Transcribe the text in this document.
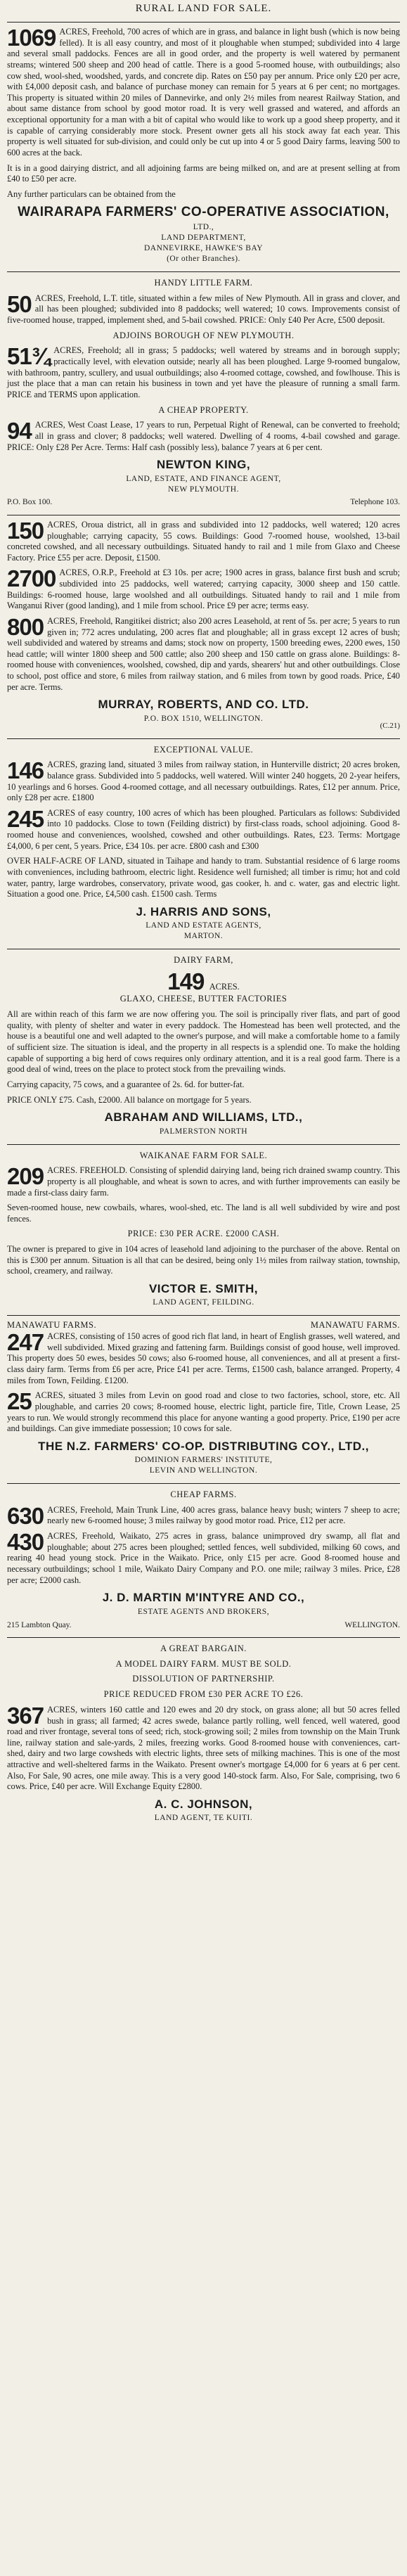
RURAL LAND FOR SALE.

1069 ACRES, Freehold, 700 acres of which are in grass, and balance in light bush (which is now being felled). It is all easy country, and most of it ploughable when stumped; subdivided into 4 large and several small paddocks. Fences are all in good order, and the property is well watered by permanent streams; wintered 500 sheep and 200 head of cattle. There is a good 5-roomed house, with outbuildings; also cow shed, wool-shed, woodshed, yards, and concrete dip. Rates on £50 pay per annum. Price only £20 per acre, with £4,000 deposit cash, and balance of purchase money can remain for 5 years at 6 per cent; no mortgages. This property is situated within 20 miles of Dannevirke, and only 2½ miles from nearest Railway Station, and about same distance from school by good motor road. It is very well grassed and watered, and affords an exceptional opportunity for a man with a bit of capital who would like to work up a good sheep property, and it is capable of carrying considerably more stock. Present owner gets all his stock away fat each year. This property is well situated for sub-division, and could only be cut up into 4 or 5 good Dairy farms, leaving 500 to 600 acres at the back.

It is in a good dairying district, and all adjoining farms are being milked on, and are at present selling at from £40 to £50 per acre.

Any further particulars can be obtained from the

WAIRARAPA FARMERS' CO-OPERATIVE ASSOCIATION,
LTD.,
LAND DEPARTMENT,
DANNEVIRKE, HAWKE'S BAY
(Or other Branches).
HANDY LITTLE FARM.

50 ACRES, Freehold, L.T. title, situated within a few miles of New Plymouth. All in grass and clover, and all has been ploughed; subdivided into 8 paddocks; well watered; 10 cows. Improvements consist of five-roomed house, trapped, implement shed, and 5-bail cowshed. PRICE: Only £40 Per Acre, £500 deposit.

ADJOINS BOROUGH OF NEW PLYMOUTH.

51¾ ACRES, Freehold; all in grass; 5 paddocks; well watered by streams and in borough supply; practically level, with elevation outside; nearly all has been ploughed. Large 9-roomed bungalow, with bathroom, pantry, scullery, and usual outbuildings; also 4-roomed cottage, cowshed, and fowlhouse. This is just the place that a man can retain his business in town and yet have the pleasure of running a small farm. PRICE and TERMS upon application.

A CHEAP PROPERTY.

94 ACRES, West Coast Lease, 17 years to run, Perpetual Right of Renewal, can be converted to freehold; all in grass and clover; 8 paddocks; well watered. Dwelling of 4 rooms, 4-bail cowshed and garage. PRICE: Only £28 Per Acre. Terms: Half cash (possibly less), balance 7 years at 6 per cent.

NEWTON KING,
LAND, ESTATE, AND FINANCE AGENT,
NEW PLYMOUTH.
P.O. Box 100.	Telephone 103.

150 ACRES, Oroua district, all in grass and subdivided into 12 paddocks, well watered; 120 acres ploughable; carrying capacity, 55 cows. Buildings: Good 7-roomed house, woolshed, 13-bail concreted cowshed, and all necessary outbuildings. Situated handy to rail and 1 mile from Glaxo and Cheese Factory. Price £55 per acre. Deposit, £1500.

2700 ACRES, O.R.P., Freehold at £3 10s. per acre; 1900 acres in grass, balance first bush and scrub; subdivided into 25 paddocks, well watered; carrying capacity, 3000 sheep and 150 cattle. Buildings: 6-roomed house, large woolshed and all outbuildings. Situated handy to rail and 1 mile from Wanganui River (good landing), and 1 mile from school. Price £9 per acre; terms easy.

800 ACRES, Freehold, Rangitikei district; also 200 acres Leasehold, at rent of 5s. per acre; 5 years to run given in; 772 acres undulating, 200 acres flat and ploughable; all in grass except 12 acres of bush; well subdivided and watered by streams and dams; stock now on property, 1500 breeding ewes, 2200 ewes, 150 head cattle; will winter 1800 sheep and 500 cattle; also 200 sheep and 150 cattle on grass alone. Buildings: 8-roomed house with conveniences, woolshed, cowshed, dip and yards, shearers' hut and other outbuildings. Close to school, post office and store, 6 miles from railway station, and 6 miles from town by good roads. Price, £40 per acre. Terms.

MURRAY, ROBERTS, AND CO. LTD.
P.O. BOX 1510, WELLINGTON.
(C.21)
EXCEPTIONAL VALUE.

146 ACRES, grazing land, situated 3 miles from railway station, in Hunterville district; 20 acres broken, balance grass. Subdivided into 5 paddocks, well watered. Will winter 240 hoggets, 20 2-year heifers, 10 yearlings and 6 horses. Good 4-roomed cottage, and all necessary outbuildings. Rates, £12 per annum. Price, only £28 per acre. £1800

245 ACRES of easy country, 100 acres of which has been ploughed. Particulars as follows: Subdivided into 10 paddocks. Close to town (Feilding district) by first-class roads, school adjoining. Good 8-roomed house and conveniences, woolshed, cowshed and other outbuildings. Rates, £23. Terms: Mortgage £4,000, 6 per cent, 5 years. Price, £34 10s. per acre. £800 cash and £300

OVER HALF-ACRE OF LAND, situated in Taihape and handy to tram. Substantial residence of 6 large rooms with conveniences, including bathroom, electric light. Residence well furnished; all timber is rimu; hot and cold water, pantry, large wardrobes, conservatory, private wood, gas cooker, h. and c. water, gas and electric light. Situation a good one. Price, £4,500 cash. £1500 cash. Terms

J. HARRIS AND SONS,
LAND AND ESTATE AGENTS,
MARTON.
DAIRY FARM,
149 ACRES.
GLAXO, CHEESE, BUTTER FACTORIES

All are within reach of this farm we are now offering you. The soil is principally river flats, and part of good quality, with plenty of shelter and water in every paddock. The Homestead has been well protected, and the house is a beautiful one and well adapted to the owner's purpose, and will make a comfortable home to a family of sufficient size. The situation is ideal, and the property in all respects is a splendid one. To make the holding capable of supporting a big herd of cows requires only ordinary attention, and it is a real good farm. There is a good deal of wind, trees on the place to protect stock from the prevailing winds.

Carrying capacity, 75 cows, and a guarantee of 2s. 6d. for butter-fat.

PRICE ONLY £75. Cash, £2000. All balance on mortgage for 5 years.

ABRAHAM AND WILLIAMS, LTD.,
PALMERSTON NORTH
WAIKANAE FARM FOR SALE.

209 ACRES. FREEHOLD. Consisting of splendid dairying land, being rich drained swamp country. This property is all ploughable, and wheat is sown to acres, and with further improvements can easily be made a first-class dairy farm.

Seven-roomed house, new cowbails, whares, wool-shed, etc. The land is all well subdivided by wire and post fences.

PRICE: £30 PER ACRE. £2000 CASH.

The owner is prepared to give in 104 acres of leasehold land adjoining to the purchaser of the above. Rental on this is £300 per annum. Situation is all that can be desired, being only 1½ miles from railway station, township, school, creamery, and railway.

VICTOR E. SMITH,
LAND AGENT, FEILDING.
MANAWATU FARMS.	MANAWATU FARMS.

247 ACRES, consisting of 150 acres of good rich flat land, in heart of English grasses, well watered, and well subdivided. Mixed grazing and fattening farm. Buildings consist of good house, well improved. This property does 50 ewes, besides 50 cows; also 6-roomed house, all conveniences, and all at present a first-class dairy farm. Terms from £6 per acre, Price £41 per acre. Terms, £1500 cash, balance arranged. Property, 4 miles from Town, Feilding. £1200.

25 ACRES, situated 3 miles from Levin on good road and close to two factories, school, store, etc. All ploughable, and carries 20 cows; 8-roomed house, electric light, particle fire, Title, Crown Lease, 25 years to run. We would strongly recommend this place for anyone wanting a good property. Price, £190 per acre and buildings. Can give immediate possession; 10 cows for sale.

THE N.Z. FARMERS' CO-OP. DISTRIBUTING COY., LTD.,
DOMINION FARMERS' INSTITUTE,
LEVIN AND WELLINGTON.
CHEAP FARMS.

630 ACRES, Freehold, Main Trunk Line, 400 acres grass, balance heavy bush; winters 7 sheep to acre; nearly new 6-roomed house; 3 miles railway by good motor road. Price, £12 per acre.

430 ACRES, Freehold, Waikato, 275 acres in grass, balance unimproved dry swamp, all flat and ploughable; about 275 acres been ploughed; settled fences, well subdivided, milking 60 cows, and rearing 40 head young stock. Price in the Waikato. Price, only £15 per acre. Good 8-roomed house and necessary outbuildings; school 1 mile, Waikato Dairy Company and P.O. one mile; railway 3 miles. Price, £28 per acre; £2000 cash.

J. D. MARTIN M'INTYRE AND CO.,
ESTATE AGENTS AND BROKERS,
215 Lambton Quay.	WELLINGTON.
A GREAT BARGAIN.
A MODEL DAIRY FARM. MUST BE SOLD.
DISSOLUTION OF PARTNERSHIP.
PRICE REDUCED FROM £30 PER ACRE TO £26.

367 ACRES, winters 160 cattle and 120 ewes and 20 dry stock, on grass alone; all but 50 acres felled bush in grass; all farmed; 42 acres swede, balance partly rolling, well fenced, well watered, good road and river frontage, several tons of seed; rich, stock-growing soil; 2 miles from township on the Main Trunk line, railway station and sale-yards, 2 miles, freezing works. Good 8-roomed house with conveniences, cart-shed, dairy and two large cowsheds with electric lights, three sets of milking machines. This is one of the most attractive and well-sheltered farms in the Waikato. Present owner's mortgage £4,000 for 6 years at 6 per cent. Also, For Sale, 90 acres, one mile away. This is a very good 140-stock farm. Also, For Sale, comprising, two 6 cows. Price, £40 per acre. Will Exchange Equity £2800.

A. C. JOHNSON,
LAND AGENT, TE KUITI.
